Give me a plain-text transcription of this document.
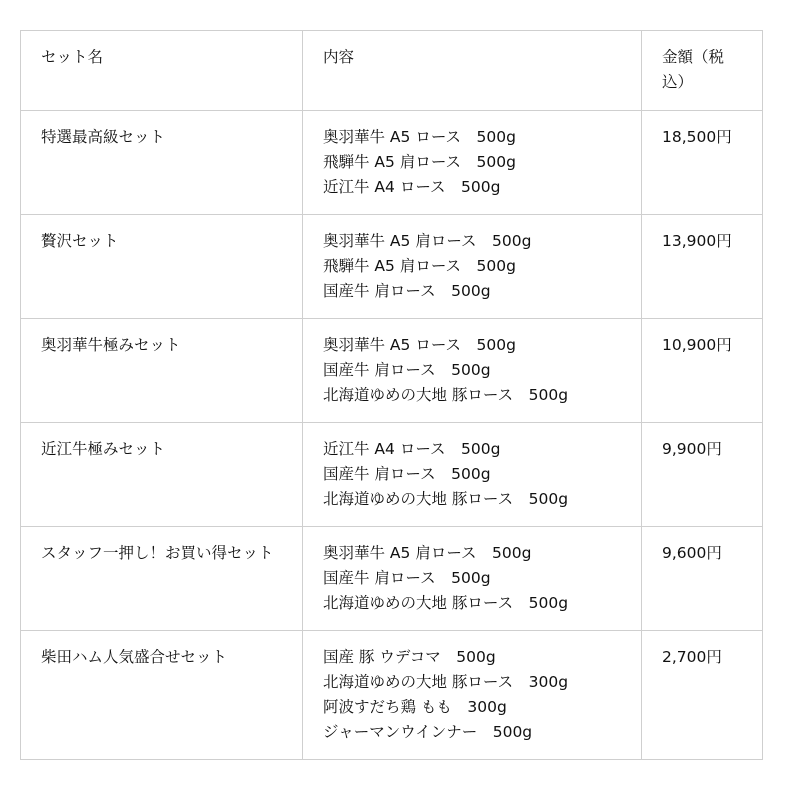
セット名	内容	金額（税込）
特選最高級セット	奥羽華牛 A5 ロース　500g
飛騨牛 A5 肩ロース　500g
近江牛 A4 ロース　500g	18,500円
贅沢セット	奥羽華牛 A5 肩ロース　500g
飛騨牛 A5 肩ロース　500g
国産牛 肩ロース　500g	13,900円
奥羽華牛極みセット	奥羽華牛 A5 ロース　500g
国産牛 肩ロース　500g
北海道ゆめの大地 豚ロース　500g	10,900円
近江牛極みセット	近江牛 A4 ロース　500g
国産牛 肩ロース　500g
北海道ゆめの大地 豚ロース　500g	9,900円
スタッフ一押し！お買い得セット	奥羽華牛 A5 肩ロース　500g
国産牛 肩ロース　500g
北海道ゆめの大地 豚ロース　500g	9,600円
柴田ハム人気盛合せセット	国産 豚 ウデコマ　500g
北海道ゆめの大地 豚ロース　300g
阿波すだち鶏 もも　300g
ジャーマンウインナー　500g	2,700円
